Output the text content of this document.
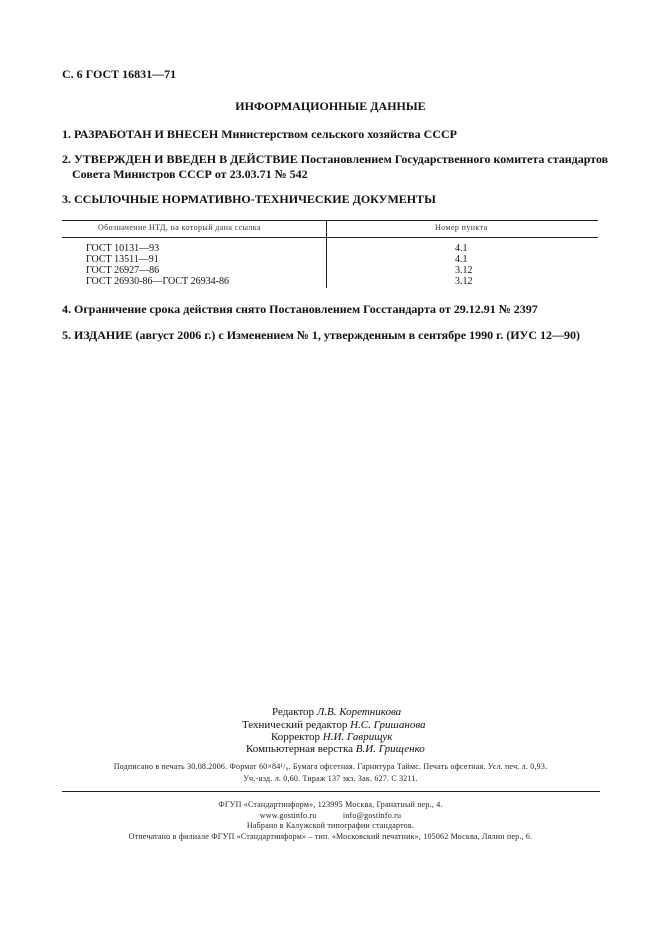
С. 6 ГОСТ 16831—71
ИНФОРМАЦИОННЫЕ ДАННЫЕ
1. РАЗРАБОТАН И ВНЕСЕН Министерством сельского хозяйства СССР
2. УТВЕРЖДЕН И ВВЕДЕН В ДЕЙСТВИЕ Постановлением Государственного комитета стандартов
Совета Министров СССР от 23.03.71 № 542
3. ССЫЛОЧНЫЕ НОРМАТИВНО-ТЕХНИЧЕСКИЕ ДОКУМЕНТЫ
Обозначение НТД, на который дана ссылка	Номер пункта
ГОСТ 10131—93	4.1
ГОСТ 13511—91	4.1
ГОСТ 26927—86	3.12
ГОСТ 26930-86—ГОСТ 26934-86	3.12
4. Ограничение срока действия снято Постановлением Госстандарта от 29.12.91 № 2397
5. ИЗДАНИЕ (август 2006 г.) с Изменением № 1, утвержденным в сентябре 1990 г. (ИУС 12—90)
Редактор Л.В. Коретникова
Технический редактор Н.С. Гришанова
Корректор Н.И. Гаврищук
Компьютерная верстка В.И. Грищенко
Подписано в печать 30.08.2006. Формат 60×84¹/₈. Бумага офсетная. Гарнитура Таймс. Печать офсетная. Усл. печ. л. 0,93.
Уч.-изд. л. 0,60. Тираж 137 экз. Зак. 627. С 3211.
ФГУП «Стандартинформ», 123995 Москва, Гранатный пер., 4.
www.gostinfo.ru	info@gostinfo.ru
Набрано в Калужской типографии стандартов.
Отпечатано в филиале ФГУП «Стандартинформ» – тип. «Московский печатник», 105062 Москва, Лялин пер., 6.
